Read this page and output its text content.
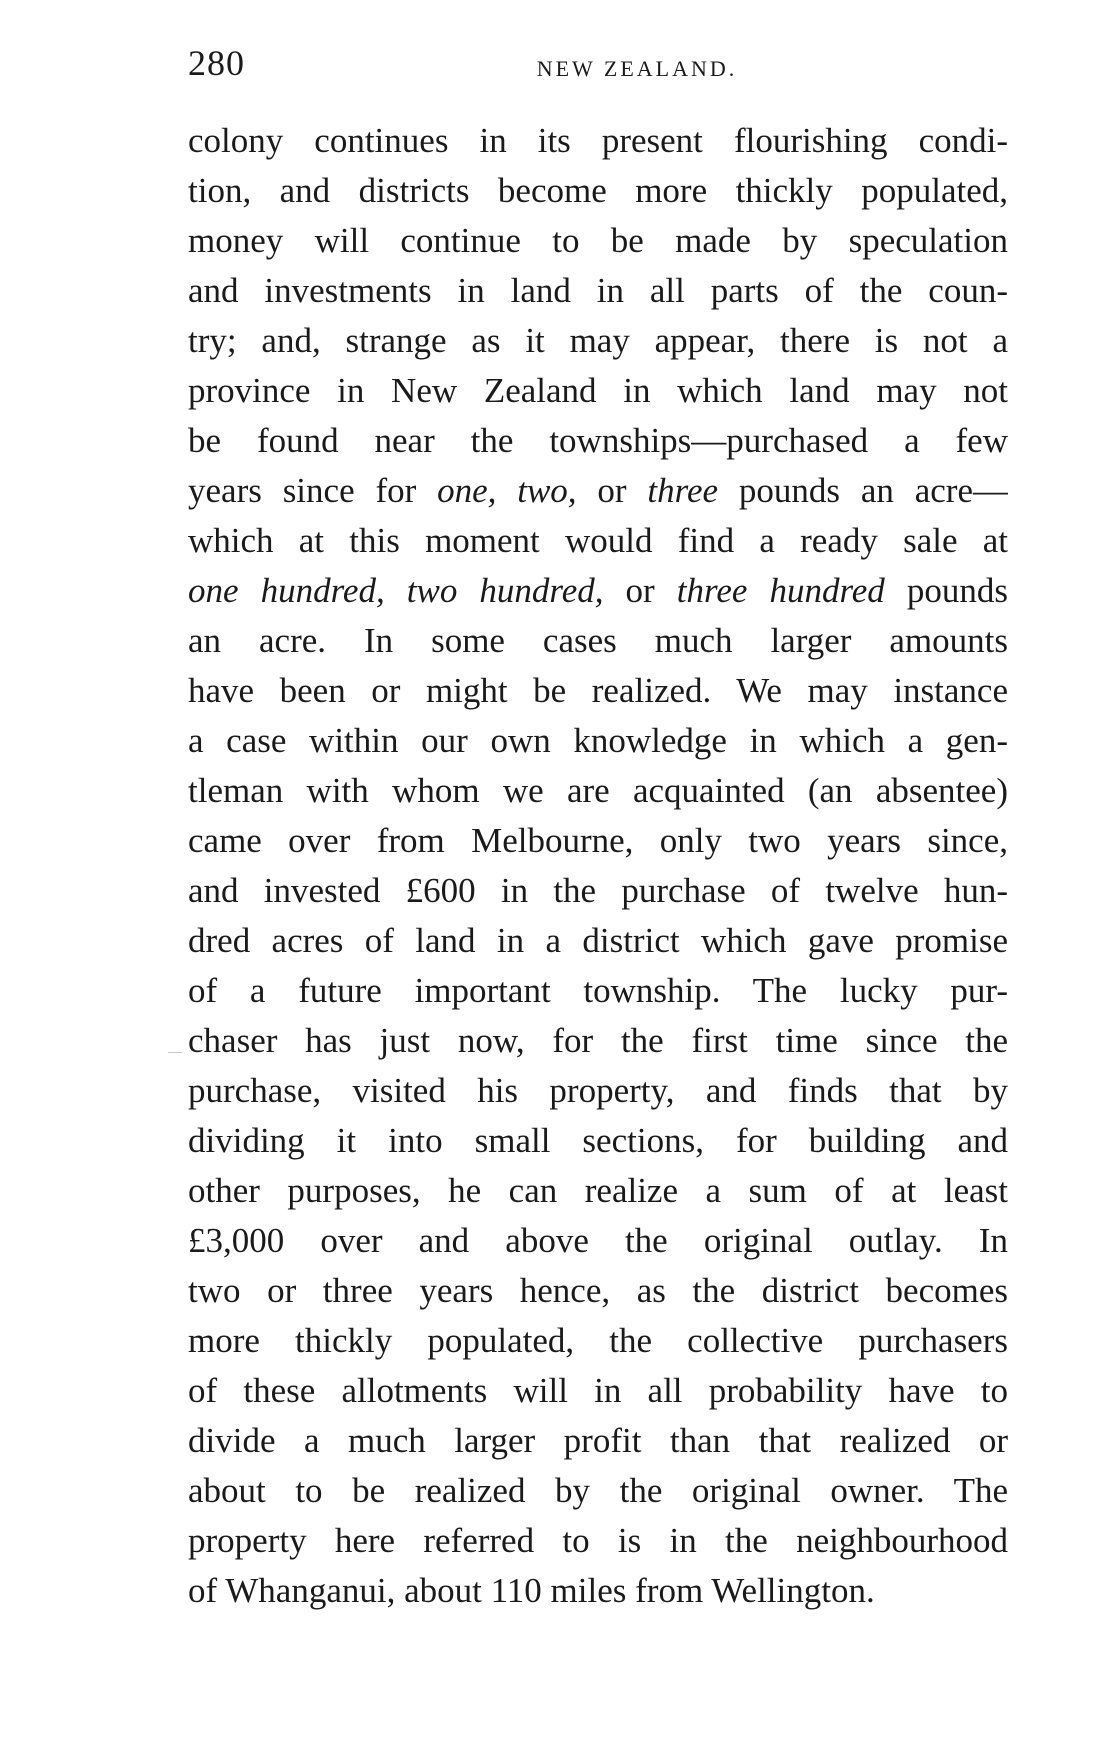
280	NEW ZEALAND.
colony continues in its present flourishing condi-
tion, and districts become more thickly populated,
money will continue to be made by speculation
and investments in land in all parts of the coun-
try; and, strange as it may appear, there is not a
province in New Zealand in which land may not
be found near the townships—purchased a few
years since for one, two, or three pounds an acre—
which at this moment would find a ready sale at
one hundred, two hundred, or three hundred pounds
an acre. In some cases much larger amounts
have been or might be realized. We may instance
a case within our own knowledge in which a gen-
tleman with whom we are acquainted (an absentee)
came over from Melbourne, only two years since,
and invested £600 in the purchase of twelve hun-
dred acres of land in a district which gave promise
of a future important township. The lucky pur-
chaser has just now, for the first time since the
purchase, visited his property, and finds that by
dividing it into small sections, for building and
other purposes, he can realize a sum of at least
£3,000 over and above the original outlay. In
two or three years hence, as the district becomes
more thickly populated, the collective purchasers
of these allotments will in all probability have to
divide a much larger profit than that realized or
about to be realized by the original owner. The
property here referred to is in the neighbourhood
of Whanganui, about 110 miles from Wellington.
